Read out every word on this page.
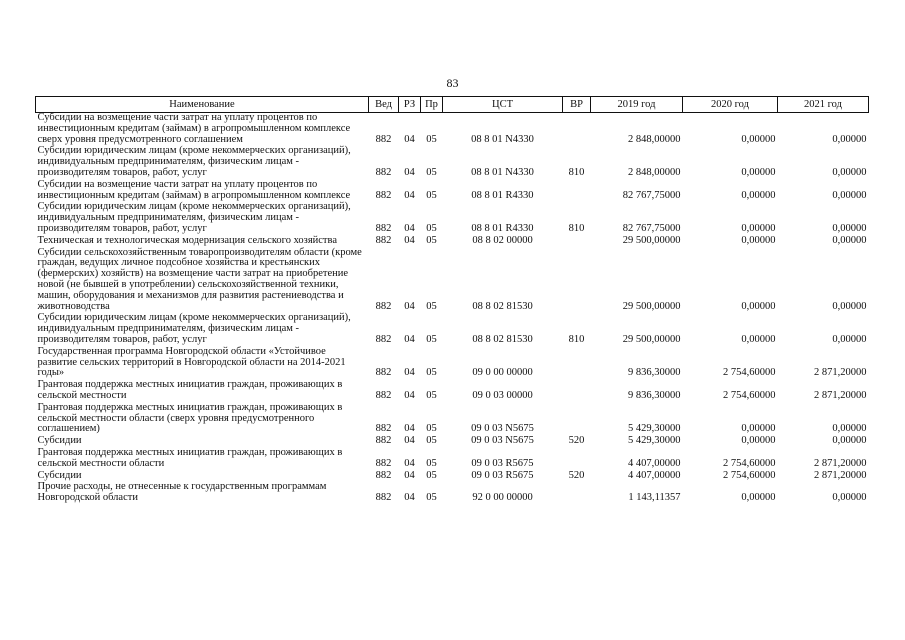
83
Наименование	Вед	РЗ	Пр	ЦСТ	ВР	2019 год	2020 год	2021 год
Субсидии на возмещение части затрат на уплату процентов по инвестиционным кредитам (займам) в агропромышленном комплексе сверх уровня предусмотренного соглашением	882	04	05	08 8 01 N4330		2 848,00000	0,00000	0,00000
Субсидии юридическим лицам (кроме некоммерческих организаций), индивидуальным предпринимателям, физическим лицам - производителям товаров, работ, услуг	882	04	05	08 8 01 N4330	810	2 848,00000	0,00000	0,00000
Субсидии на возмещение части затрат на уплату процентов по инвестиционным кредитам (займам) в агропромышленном комплексе	882	04	05	08 8 01 R4330		82 767,75000	0,00000	0,00000
Субсидии юридическим лицам (кроме некоммерческих организаций), индивидуальным предпринимателям, физическим лицам - производителям товаров, работ, услуг	882	04	05	08 8 01 R4330	810	82 767,75000	0,00000	0,00000
Техническая и технологическая модернизация сельского хозяйства	882	04	05	08 8 02 00000		29 500,00000	0,00000	0,00000
Субсидии сельскохозяйственным товаропроизводителям области (кроме граждан, ведущих личное подсобное хозяйства и крестьянских (фермерских) хозяйств) на возмещение части затрат на приобретение новой (не бывшей в употреблении) сельскохозяйственной техники, машин, оборудования и механизмов для развития растениеводства и животноводства	882	04	05	08 8 02 81530		29 500,00000	0,00000	0,00000
Субсидии юридическим лицам (кроме некоммерческих организаций), индивидуальным предпринимателям, физическим лицам - производителям товаров, работ, услуг	882	04	05	08 8 02 81530	810	29 500,00000	0,00000	0,00000
Государственная программа Новгородской области «Устойчивое развитие сельских территорий в Новгородской области на 2014-2021 годы»	882	04	05	09 0 00 00000		9 836,30000	2 754,60000	2 871,20000
Грантовая поддержка местных инициатив граждан, проживающих в сельской местности	882	04	05	09 0 03 00000		9 836,30000	2 754,60000	2 871,20000
Грантовая поддержка местных инициатив граждан, проживающих в сельской местности области (сверх уровня предусмотренного соглашением)	882	04	05	09 0 03 N5675		5 429,30000	0,00000	0,00000
Субсидии	882	04	05	09 0 03 N5675	520	5 429,30000	0,00000	0,00000
Грантовая поддержка местных инициатив граждан, проживающих в сельской местности области	882	04	05	09 0 03 R5675		4 407,00000	2 754,60000	2 871,20000
Субсидии	882	04	05	09 0 03 R5675	520	4 407,00000	2 754,60000	2 871,20000
Прочие расходы, не отнесенные к государственным программам Новгородской области	882	04	05	92 0 00 00000		1 143,11357	0,00000	0,00000
